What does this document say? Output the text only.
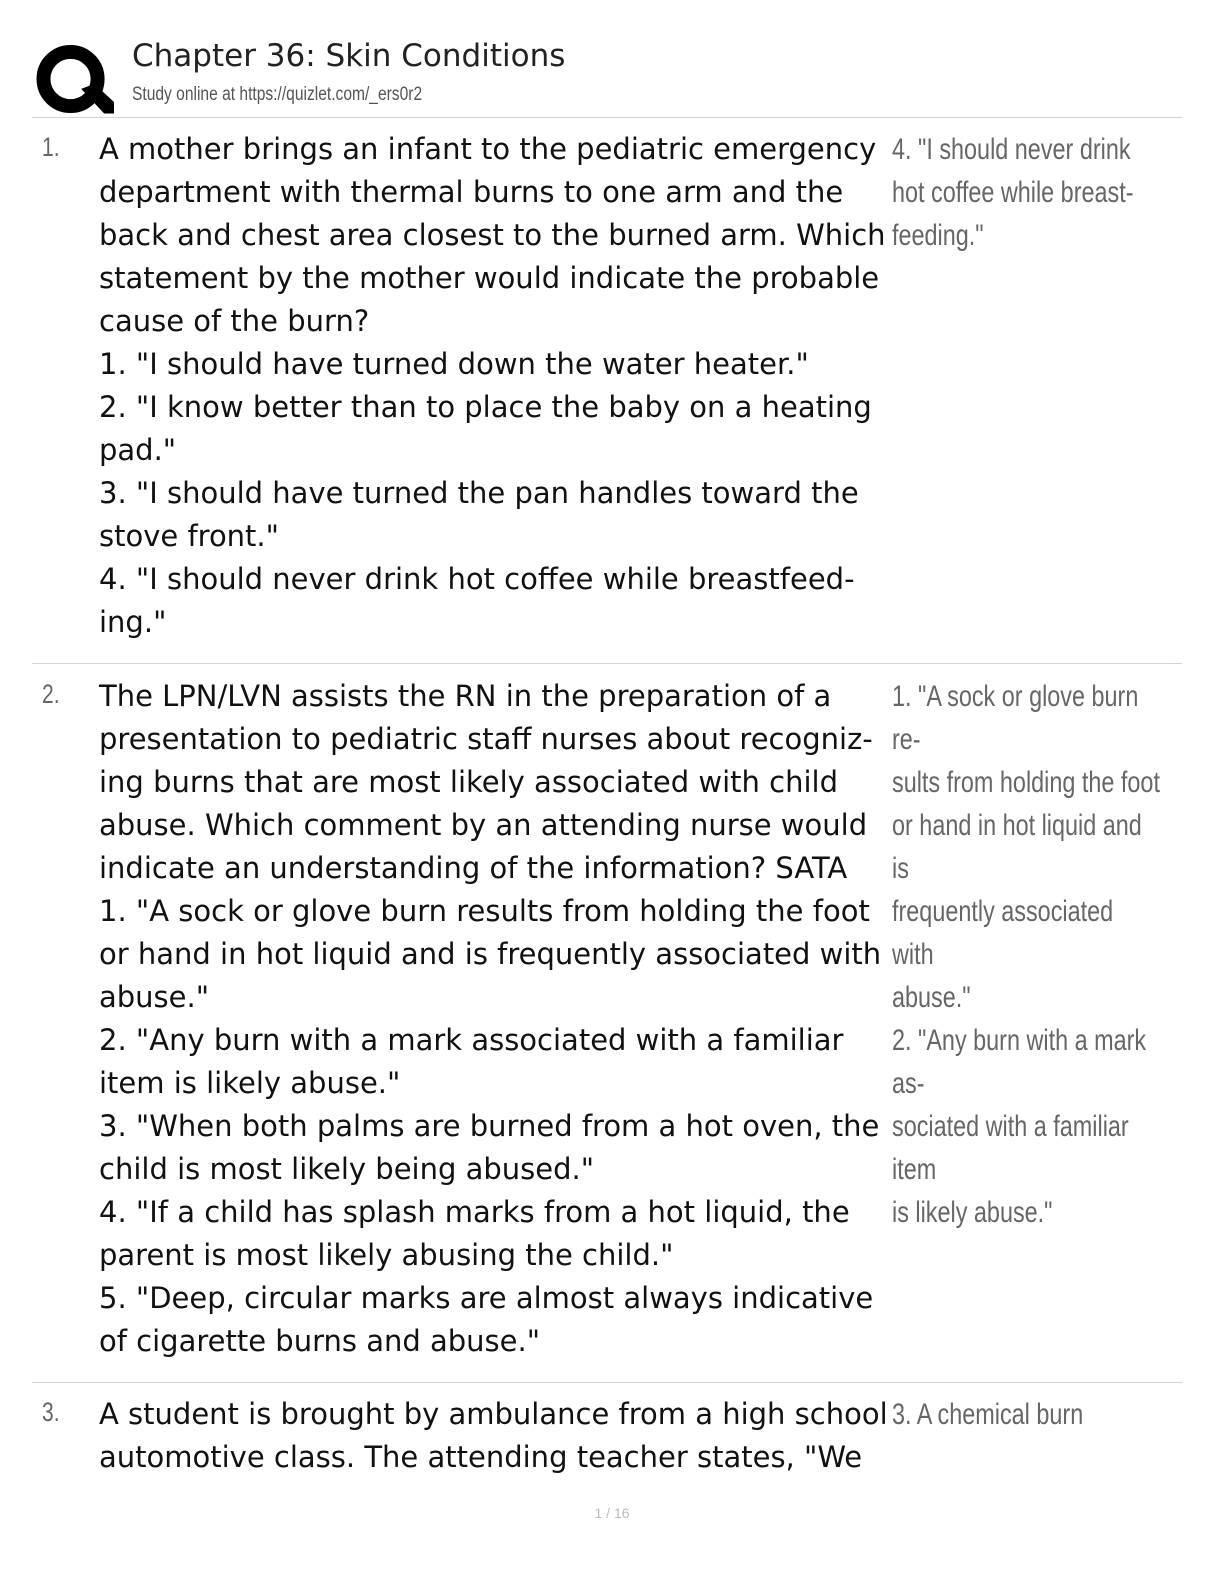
Chapter 36: Skin Conditions
Study online at https://quizlet.com/_ers0r2
1. A mother brings an infant to the pediatric emergency

department with thermal burns to one arm and the

back and chest area closest to the burned arm. Which

statement by the mother would indicate the probable

cause of the burn?

1. "I should have turned down the water heater."

2. "I know better than to place the baby on a heating

pad."

3. "I should have turned the pan handles toward the

stove front."

4. "I should never drink hot coffee while breastfeed-

ing."

4. "I should never drink

hot coffee while breast-

feeding."

2. The LPN/LVN assists the RN in the preparation of a

presentation to pediatric staff nurses about recogniz-

ing burns that are most likely associated with child

abuse. Which comment by an attending nurse would

indicate an understanding of the information? SATA

1. "A sock or glove burn results from holding the foot

or hand in hot liquid and is frequently associated with

abuse."

2. "Any burn with a mark associated with a familiar

item is likely abuse."

3. "When both palms are burned from a hot oven, the

child is most likely being abused."

4. "If a child has splash marks from a hot liquid, the

parent is most likely abusing the child."

5. "Deep, circular marks are almost always indicative

of cigarette burns and abuse."

1. "A sock or glove burn re-

sults from holding the foot

or hand in hot liquid and is

frequently associated with

abuse."

2. "Any burn with a mark as-

sociated with a familiar item

is likely abuse."

3. A student is brought by ambulance from a high school

automotive class. The attending teacher states, "We

3. A chemical burn

1 / 16
